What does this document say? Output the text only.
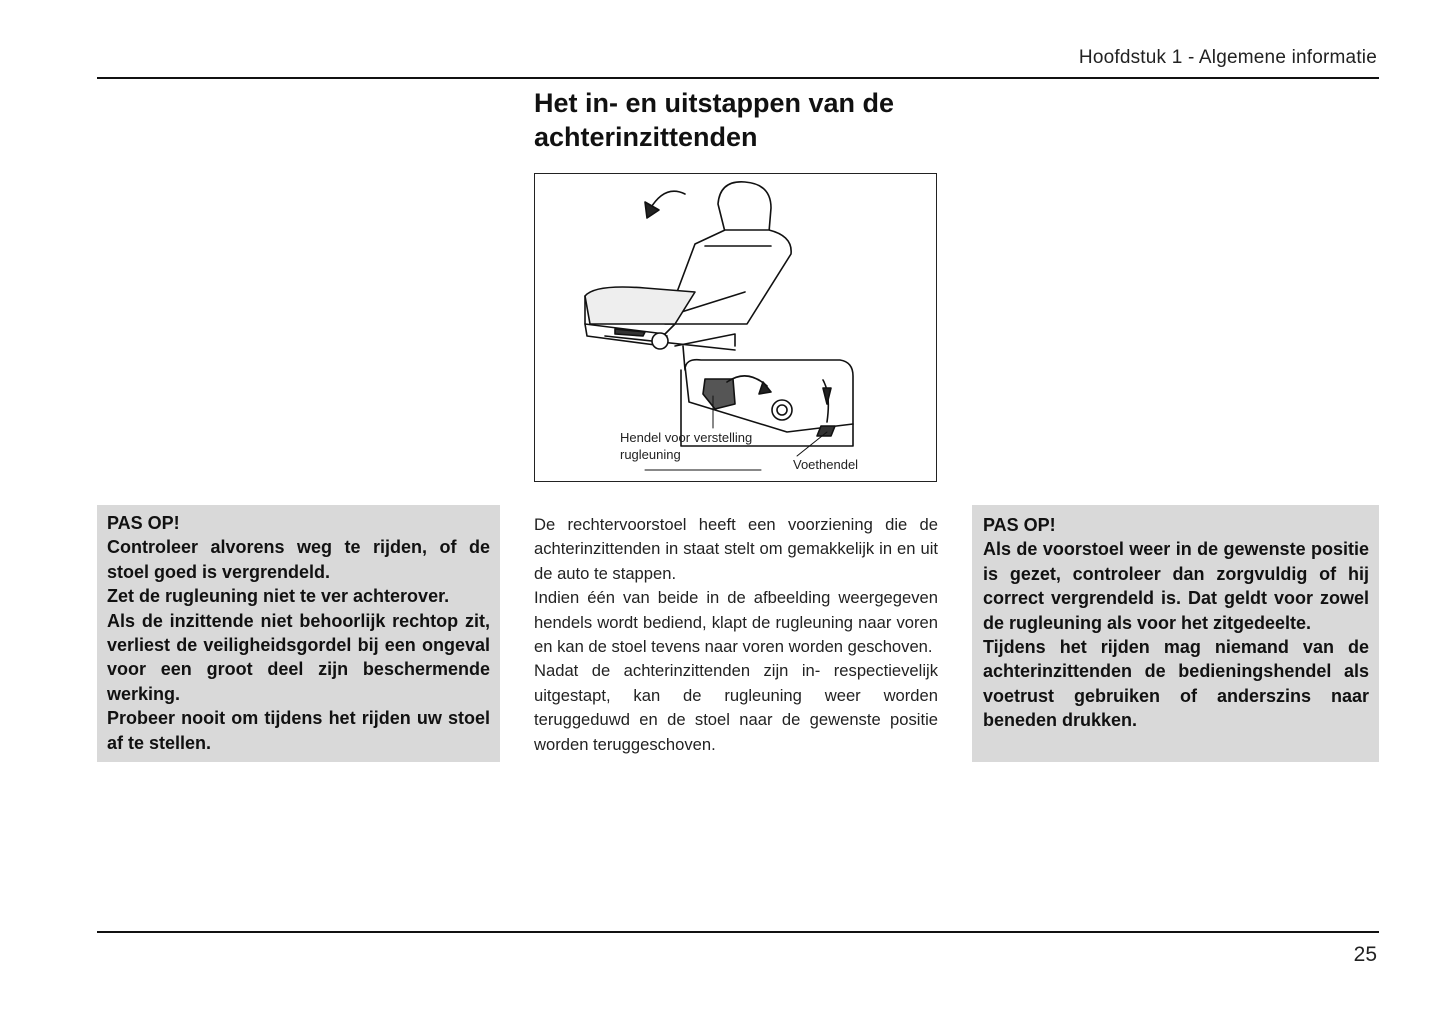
Hoofdstuk 1 - Algemene informatie
Het in- en uitstappen van de achterinzittenden
Hendel voor verstelling rugleuning
Voethendel

PAS OP!

Controleer alvorens weg te rijden, of de stoel goed is vergrendeld.

Zet de rugleuning niet te ver achterover.

Als de inzittende niet behoorlijk rechtop zit, verliest de veiligheidsgordel bij een ongeval voor een groot deel zijn beschermende werking.

Probeer nooit om tijdens het rijden uw stoel af te stellen.

De rechtervoorstoel heeft een voorziening die de achterinzittenden in staat stelt om gemakkelijk in en uit de auto te stappen.

Indien één van beide in de afbeelding weergegeven hendels wordt bediend, klapt de rugleuning naar voren en kan de stoel tevens naar voren worden geschoven.

Nadat de achterinzittenden zijn in- respectievelijk uitgestapt, kan de rugleuning weer worden teruggeduwd en de stoel naar de gewenste positie worden teruggeschoven.

PAS OP!

Als de voorstoel weer in de gewenste positie is gezet, controleer dan zorgvuldig of hij correct vergrendeld is. Dat geldt voor zowel de rugleuning als voor het zitgedeelte.

Tijdens het rijden mag niemand van de achterinzittenden de bedieningshendel als voetrust gebruiken of anderszins naar beneden drukken.

25
